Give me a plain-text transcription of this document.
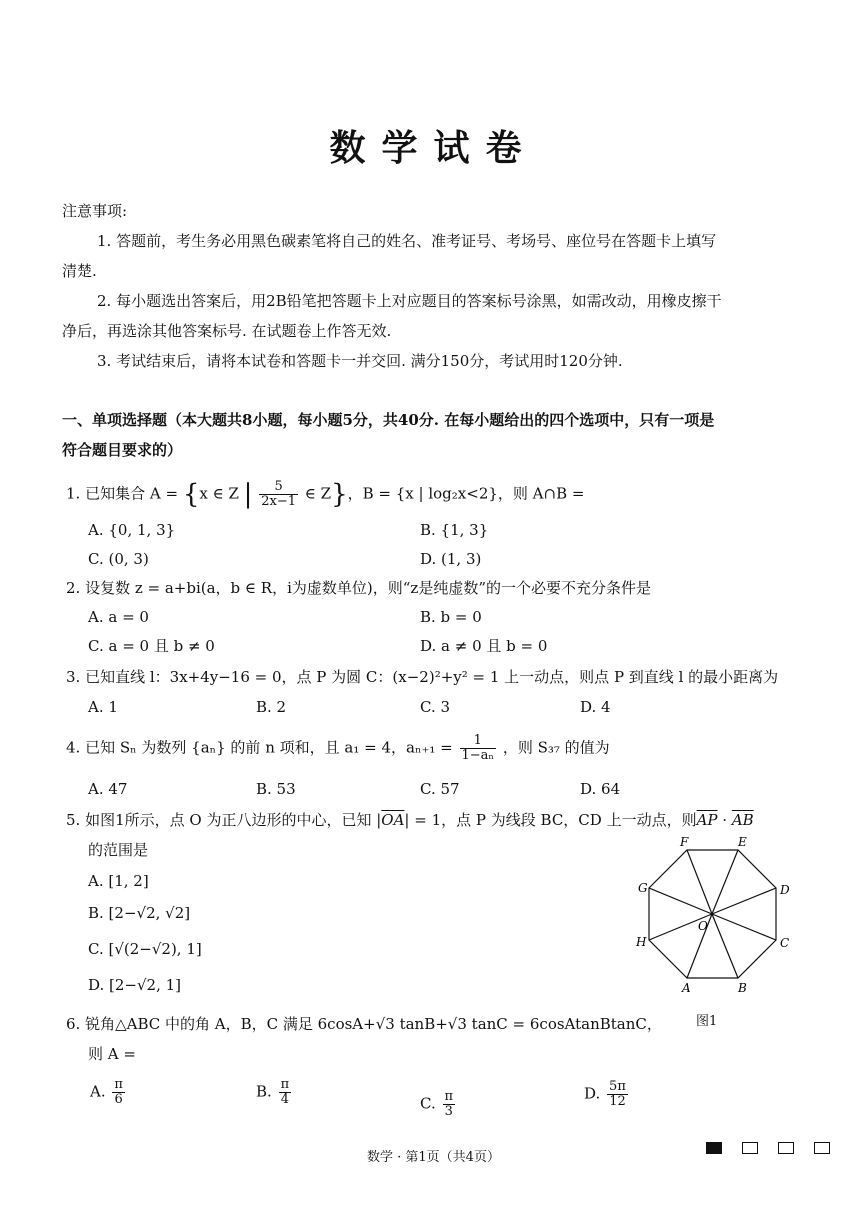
数学试卷
注意事项:
1. 答题前，考生务必用黑色碳素笔将自己的姓名、准考证号、考场号、座位号在答题卡上填写
清楚.
2. 每小题选出答案后，用2B铅笔把答题卡上对应题目的答案标号涂黑，如需改动，用橡皮擦干
净后，再选涂其他答案标号. 在试题卷上作答无效.
3. 考试结束后，请将本试卷和答题卡一并交回. 满分150分，考试用时120分钟.
一、单项选择题（本大题共8小题，每小题5分，共40分. 在每小题给出的四个选项中，只有一项是
符合题目要求的）
1. 已知集合 A = {x ∈ Z | $\frac{5}{2x-1}$ ∈ Z}，B = {x | log₂x<2}，则 A∩B =
A. {0, 1, 3}	B. {1, 3}
C. (0, 3)	D. (1, 3)
2. 设复数 z = a+bi(a，b ∈ R，i为虚数单位)，则“z是纯虚数”的一个必要不充分条件是
A. a = 0	B. b = 0
C. a = 0 且 b ≠ 0	D. a ≠ 0 且 b = 0
3. 已知直线 l：3x+4y−16 = 0，点 P 为圆 C：(x−2)²+y² = 1 上一动点，则点 P 到直线 l 的最小距离为
A. 1	B. 2	C. 3	D. 4
4. 已知 Sₙ 为数列 {aₙ} 的前 n 项和，且 a₁ = 4，$a_{n+1} = \frac{1}{\text{1−aₙ}}$ ，则 S₃₇ 的值为
A. 47	B. 53	C. 57	D. 64
5. 如图1所示，点 O 为正八边形的中心，已知 $|\overline{OA}| = 1$，点 P 为线段 BC，CD 上一动点，则$\overline{AP} \cdot \overline{AB}$
的范围是
A. [1, 2]
B. [2−√2, √2]
C. [√(2−√2), 1]
D. [2−√2, 1]	A	B
C
D
E
F
G
H
O
图1
6. 锐角△ABC 中的角 A，B，C 满足 6cosA+√3 tanB+√3 tanC = 6cosAtanBtanC，
则 A =
A. $\frac{\pi}{6}$	B. $\frac{\pi}{4}$	C. $\frac{\pi}{3}$	D. $\frac{5\pi}{12}$
数学 · 第1页（共4页）
